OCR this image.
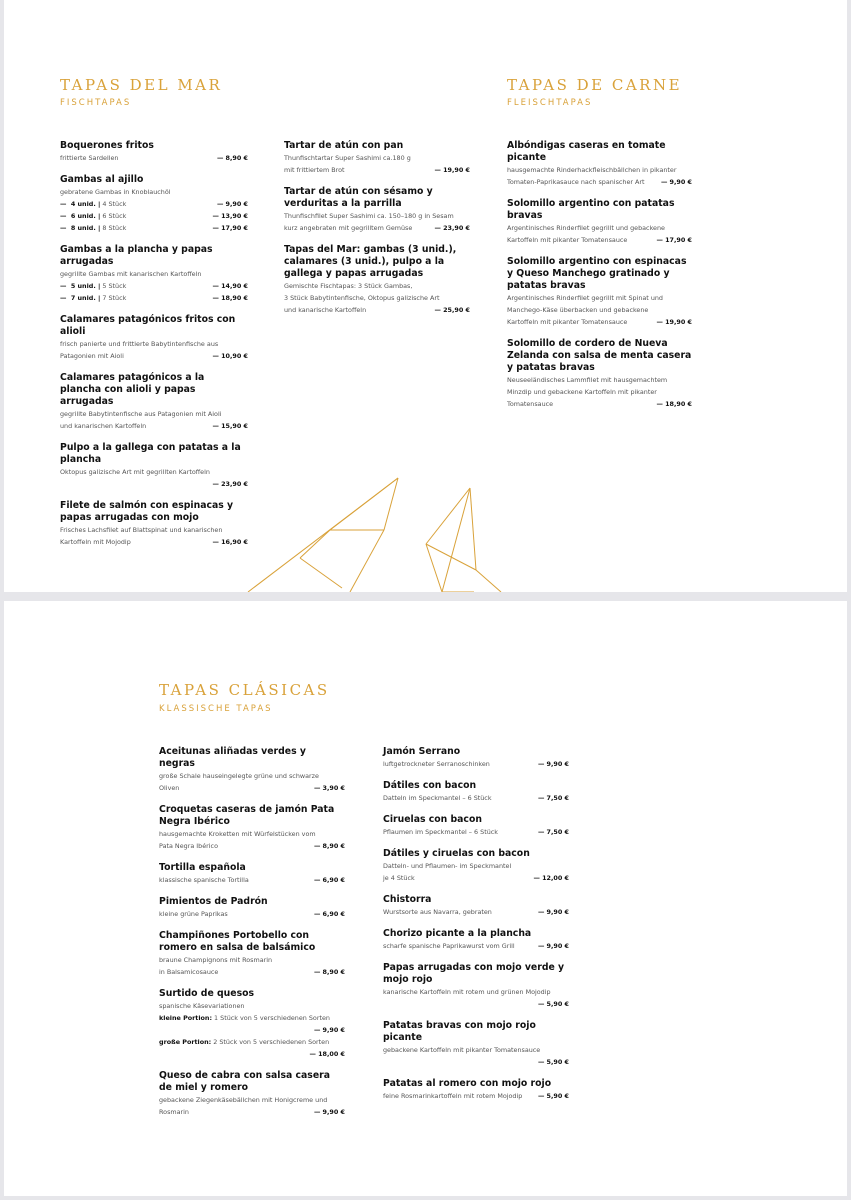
TAPAS DEL MAR
FISCHTAPAS
TAPAS DE CARNE
FLEISCHTAPAS
Boquerones fritos
frittierte Sardellen	— 8,90 €
Gambas al ajillo
gebratene Gambas in Knoblauchöl
—  4 unid. | 4 Stück	— 9,90 €
—  6 unid. | 6 Stück	— 13,90 €
—  8 unid. | 8 Stück	— 17,90 €
Gambas a la plancha y papas arrugadas
gegrillte Gambas mit kanarischen Kartoffeln
—  5 unid. | 5 Stück	— 14,90 €
—  7 unid. | 7 Stück	— 18,90 €
Calamares patagónicos fritos con alioli
frisch panierte und frittierte Babytintenfische aus
Patagonien mit Aioli	— 10,90 €
Calamares patagónicos a la plancha con alioli y papas arrugadas
gegrillte Babytintenfische aus Patagonien mit Aioli
und kanarischen Kartoffeln	— 15,90 €
Pulpo a la gallega con patatas a la plancha
Oktopus galizische Art mit gegrillten Kartoffeln
— 23,90 €
Filete de salmón con espinacas y papas arrugadas con mojo
Frisches Lachsfilet auf Blattspinat und kanarischen
Kartoffeln mit Mojodip	— 16,90 €
Tartar de atún con pan
Thunfischtartar Super Sashimi ca.180 g
mit frittiertem Brot	— 19,90 €
Tartar de atún con sésamo y verduritas a la parrilla
Thunfischfilet Super Sashimi ca. 150–180 g in Sesam
kurz angebraten mit gegrilltem Gemüse	— 23,90 €
Tapas del Mar: gambas (3 unid.), calamares (3 unid.), pulpo a la gallega y papas arrugadas
Gemischte Fischtapas: 3 Stück Gambas,
3 Stück Babytintenfische, Oktopus galizische Art
und kanarische Kartoffeln	— 25,90 €
Albóndigas caseras en tomate picante
hausgemachte Rinderhackfleischbällchen in pikanter
Tomaten-Paprikasauce nach spanischer Art	— 9,90 €
Solomillo argentino con patatas bravas
Argentinisches Rinderfilet gegrillt und gebackene
Kartoffeln mit pikanter Tomatensauce	— 17,90 €
Solomillo argentino con espinacas y Queso Manchego gratinado y patatas bravas
Argentinisches Rinderfilet gegrillt mit Spinat und
Manchego-Käse überbacken und gebackene
Kartoffeln mit pikanter Tomatensauce	— 19,90 €
Solomillo de cordero de Nueva Zelanda con salsa de menta casera y patatas bravas
Neuseeländisches Lammfilet mit hausgemachtem
Minzdip und gebackene Kartoffeln mit pikanter
Tomatensauce	— 18,90 €
TAPAS CLÁSICAS
KLASSISCHE TAPAS
Aceitunas aliñadas verdes y negras
große Schale hauseingelegte grüne und schwarze
Oliven	— 3,90 €
Croquetas caseras de jamón Pata Negra Ibérico
hausgemachte Kroketten mit Würfelstücken vom
Pata Negra Ibérico	— 8,90 €
Tortilla española
klassische spanische Tortilla	— 6,90 €
Pimientos de Padrón
kleine grüne Paprikas	— 6,90 €
Champiñones Portobello con romero en salsa de balsámico
braune Champignons mit Rosmarin
in Balsamicosauce	— 8,90 €
Surtido de quesos
spanische Käsevariationen
kleine Portion: 1 Stück von 5 verschiedenen Sorten
— 9,90 €
große Portion: 2 Stück von 5 verschiedenen Sorten
— 18,00 €
Queso de cabra con salsa casera de miel y romero
gebackene Ziegenkäsebällchen mit Honigcreme und
Rosmarin	— 9,90 €
Jamón Serrano
luftgetrockneter Serranoschinken	— 9,90 €
Dátiles con bacon
Datteln im Speckmantel – 6 Stück	— 7,50 €
Ciruelas con bacon
Pflaumen im Speckmantel – 6 Stück	— 7,50 €
Dátiles y ciruelas con bacon
Datteln- und Pflaumen- im Speckmantel
je 4 Stück	— 12,00 €
Chistorra
Wurstsorte aus Navarra, gebraten	— 9,90 €
Chorizo picante a la plancha
scharfe spanische Paprikawurst vom Grill	— 9,90 €
Papas arrugadas con mojo verde y mojo rojo
kanarische Kartoffeln mit rotem und grünen Mojodip
— 5,90 €
Patatas bravas con mojo rojo picante
gebackene Kartoffeln mit pikanter Tomatensauce
— 5,90 €
Patatas al romero con mojo rojo
feine Rosmarinkartoffeln mit rotem Mojodip	— 5,90 €
